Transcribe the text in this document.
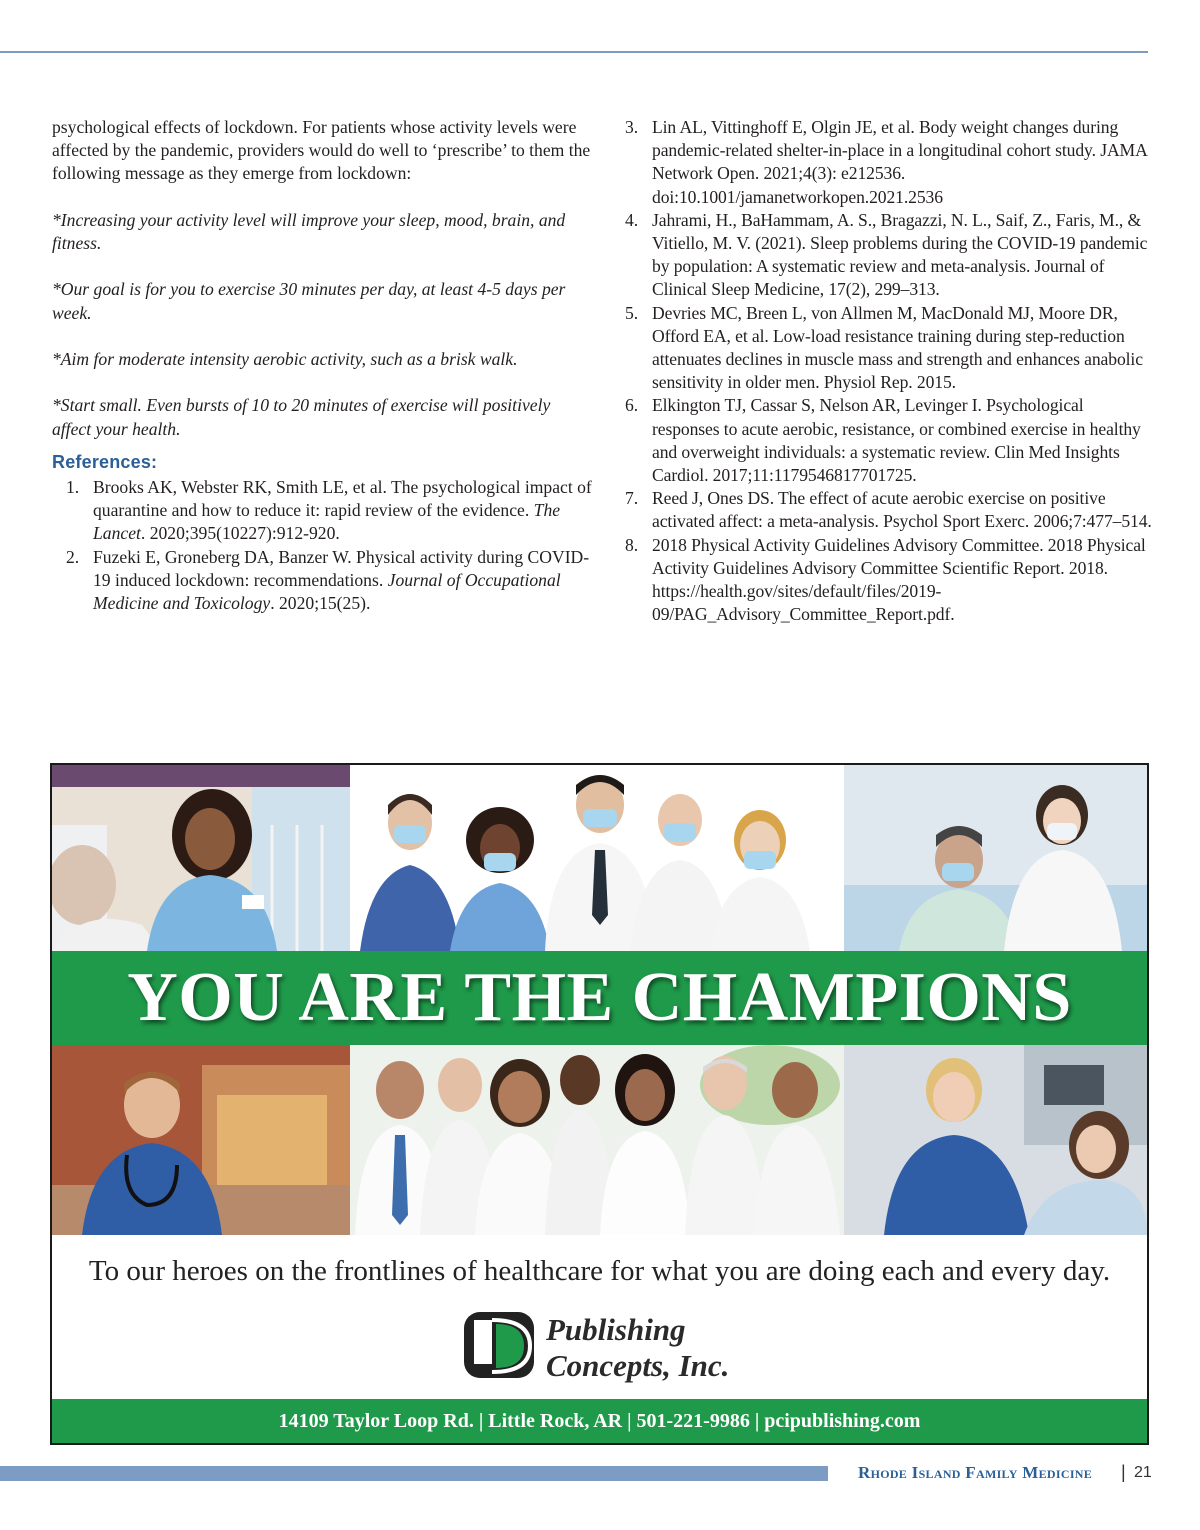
psychological effects of lockdown. For patients whose activity levels were affected by the pandemic, providers would do well to ‘prescribe’ to them the following message as they emerge from lockdown:

*Increasing your activity level will improve your sleep, mood, brain, and fitness.

*Our goal is for you to exercise 30 minutes per day, at least 4-5 days per week.

*Aim for moderate intensity aerobic activity, such as a brisk walk.

*Start small. Even bursts of 10 to 20 minutes of exercise will positively affect your health.

References:
1. Brooks AK, Webster RK, Smith LE, et al. The psychological impact of quarantine and how to reduce it: rapid review of the evidence. The Lancet. 2020;395(10227):912-920.
2. Fuzeki E, Groneberg DA, Banzer W. Physical activity during COVID-19 induced lockdown: recommendations. Journal of Occupational Medicine and Toxicology. 2020;15(25).
3. Lin AL, Vittinghoff E, Olgin JE, et al. Body weight changes during pandemic-related shelter-in-place in a longitudinal cohort study. JAMA Network Open. 2021;4(3): e212536. doi:10.1001/jamanetworkopen.2021.2536
4. Jahrami, H., BaHammam, A. S., Bragazzi, N. L., Saif, Z., Faris, M., & Vitiello, M. V. (2021). Sleep problems during the COVID-19 pandemic by population: A systematic review and meta-analysis. Journal of Clinical Sleep Medicine, 17(2), 299–313.
5. Devries MC, Breen L, von Allmen M, MacDonald MJ, Moore DR, Offord EA, et al. Low-load resistance training during step-reduction attenuates declines in muscle mass and strength and enhances anabolic sensitivity in older men. Physiol Rep. 2015.
6. Elkington TJ, Cassar S, Nelson AR, Levinger I. Psychological responses to acute aerobic, resistance, or combined exercise in healthy and overweight individuals: a systematic review. Clin Med Insights Cardiol. 2017;11:1179546817701725.
7. Reed J, Ones DS. The effect of acute aerobic exercise on positive activated affect: a meta-analysis. Psychol Sport Exerc. 2006;7:477–514.
8. 2018 Physical Activity Guidelines Advisory Committee. 2018 Physical Activity Guidelines Advisory Committee Scientific Report. 2018. https://health.gov/sites/default/files/2019-09/PAG_Advisory_Committee_Report.pdf.
YOU ARE THE CHAMPIONS
To our heroes on the frontlines of healthcare for what you are doing each and every day.
Publishing
Concepts, Inc.
14109 Taylor Loop Rd. | Little Rock, AR | 501-221-9986 | pcipublishing.com
Rhode Island Family Medicine | 21
